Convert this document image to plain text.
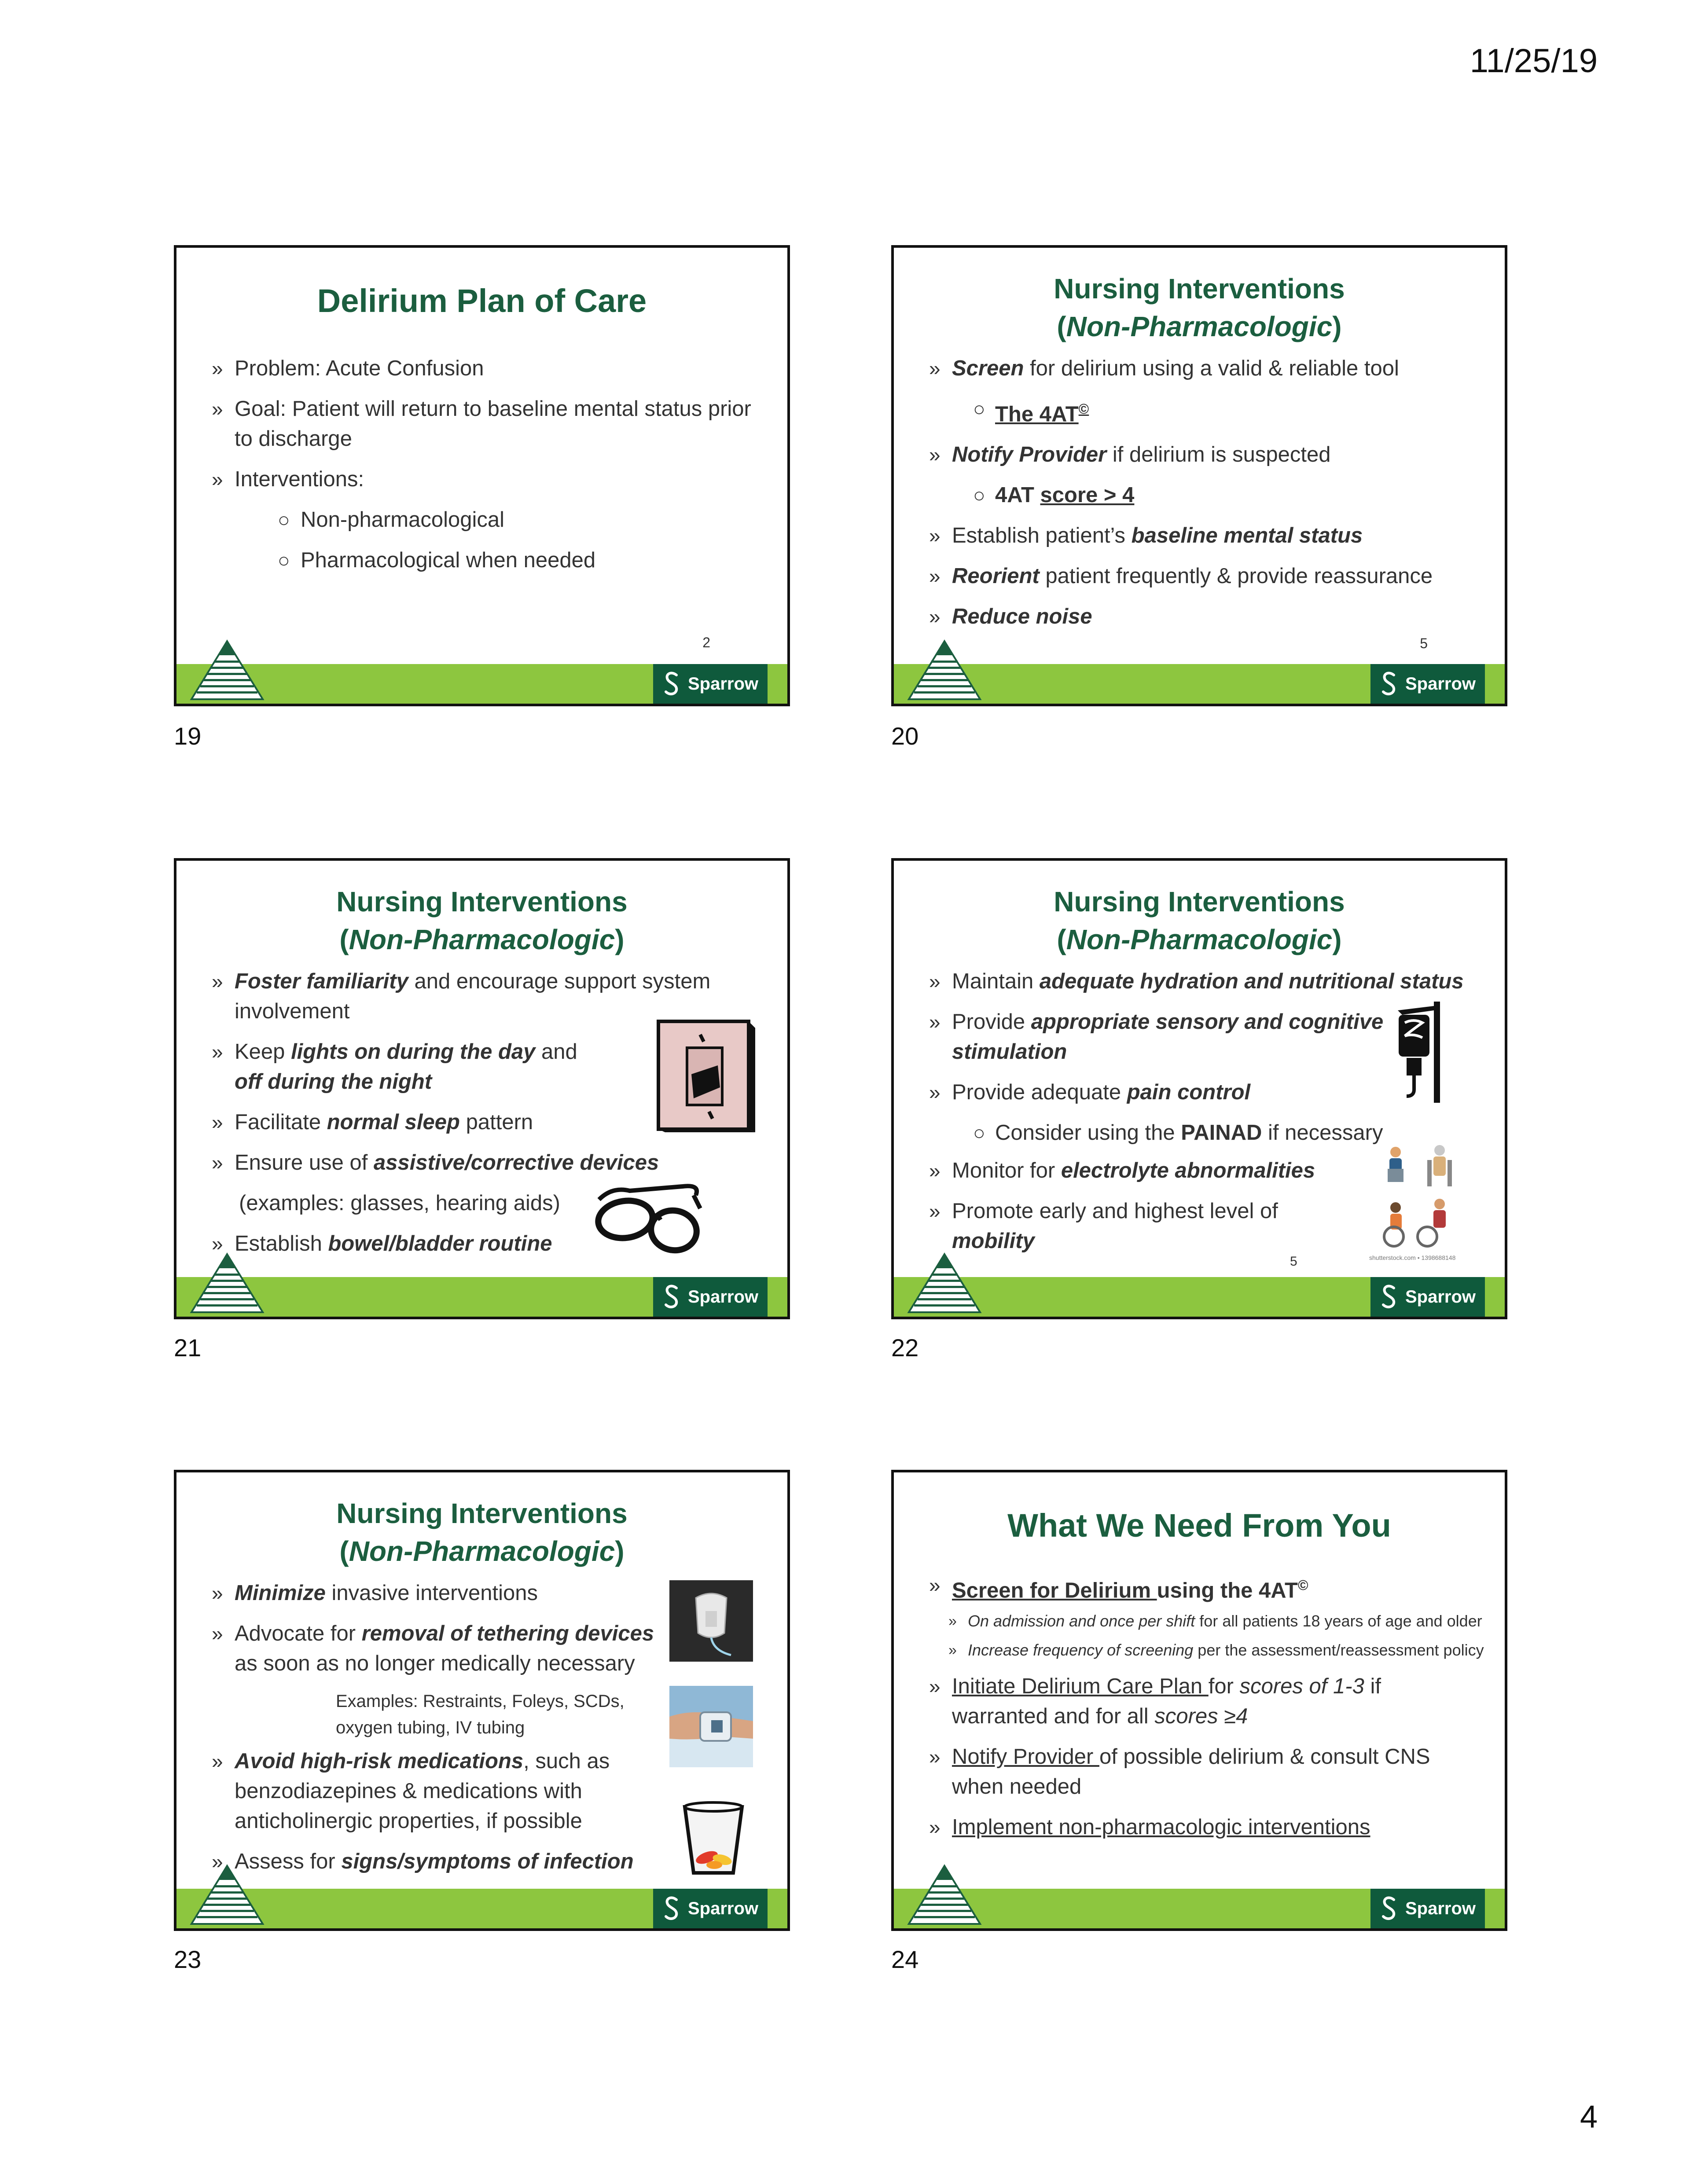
11/25/19
Delirium Plan of Care
» Problem: Acute Confusion
» Goal: Patient will return to baseline mental status prior to discharge
» Interventions:
○ Non-pharmacological
○ Pharmacological when needed
2
Sparrow
19
Nursing Interventions
(Non-Pharmacologic)
» Screen for delirium using a valid & reliable tool
○ The 4AT©
» Notify Provider if delirium is suspected
○ 4AT score > 4
» Establish patient’s baseline mental status
» Reorient patient frequently & provide reassurance
» Reduce noise
5
Sparrow
20
Nursing Interventions
(Non-Pharmacologic)
» Foster familiarity and encourage support system involvement
» Keep lights on during the day and off during the night
» Facilitate normal sleep pattern
» Ensure use of assistive/corrective devices
(examples: glasses, hearing aids)
» Establish bowel/bladder routine
Sparrow
21
Nursing Interventions
(Non-Pharmacologic)
» Maintain adequate hydration and nutritional status
» Provide appropriate sensory and cognitive stimulation
» Provide adequate pain control
○ Consider using the PAINAD if necessary
» Monitor for electrolyte abnormalities
» Promote early and highest level of mobility
5	shutterstock.com • 1398688148
Sparrow
22
Nursing Interventions
(Non-Pharmacologic)
» Minimize invasive interventions
» Advocate for removal of tethering devices as soon as no longer medically necessary
Examples: Restraints, Foleys, SCDs,
oxygen tubing, IV tubing
» Avoid high-risk medications, such as benzodiazepines & medications with anticholinergic properties, if possible
» Assess for signs/symptoms of infection
Sparrow
23
What We Need From You
» Screen for Delirium using the 4AT©
» On admission and once per shift for all patients 18 years of age and older
» Increase frequency of screening per the assessment/reassessment policy
» Initiate Delirium Care Plan for scores of 1-3 if warranted and for all scores ≥4
» Notify Provider of possible delirium & consult CNS when needed
» Implement non-pharmacologic interventions
Sparrow
24
4
